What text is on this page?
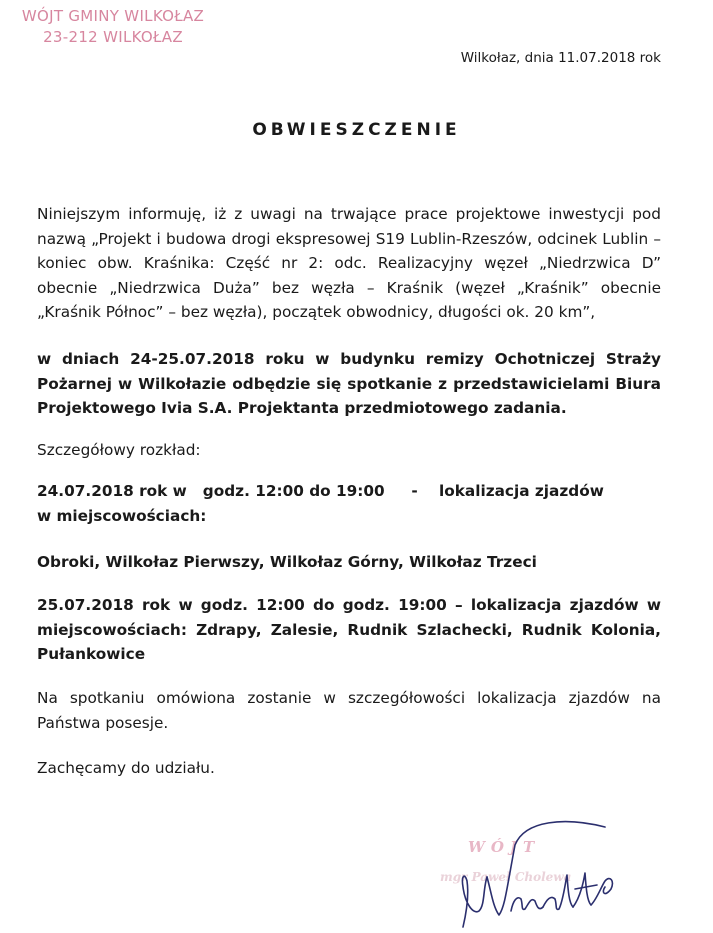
WÓJT GMINY WILKOŁAZ
23-212 WILKOŁAZ
Wilkołaz, dnia 11.07.2018 rok
OBWIESZCZENIE

Niniejszym informuję, iż z uwagi na trwające prace projektowe inwestycji pod nazwą „Projekt i budowa drogi ekspresowej S19 Lublin-Rzeszów, odcinek Lublin – koniec obw. Kraśnika: Część nr 2: odc. Realizacyjny węzeł „Niedrzwica D” obecnie „Niedrzwica Duża” bez węzła – Kraśnik (węzeł „Kraśnik” obecnie „Kraśnik Północ” – bez węzła), początek obwodnicy, długości ok. 20 km”,

w dniach 24-25.07.2018 roku w budynku remizy Ochotniczej Straży Pożarnej w Wilkołazie odbędzie się spotkanie z przedstawicielami Biura Projektowego Ivia S.A. Projektanta przedmiotowego zadania.

Szczegółowy rozkład:

24.07.2018 rok w   godz. 12:00 do 19:00     -    lokalizacja zjazdów

w miejscowościach:

Obroki, Wilkołaz Pierwszy, Wilkołaz Górny, Wilkołaz Trzeci

25.07.2018 rok w godz. 12:00 do godz. 19:00 – lokalizacja zjazdów w miejscowościach: Zdrapy, Zalesie, Rudnik Szlachecki, Rudnik Kolonia, Pułankowice

Na spotkaniu omówiona zostanie w szczegółowości lokalizacja zjazdów na Państwa posesje.

Zachęcamy do udziału.

WÓJT
mgr Paweł Cholewa
